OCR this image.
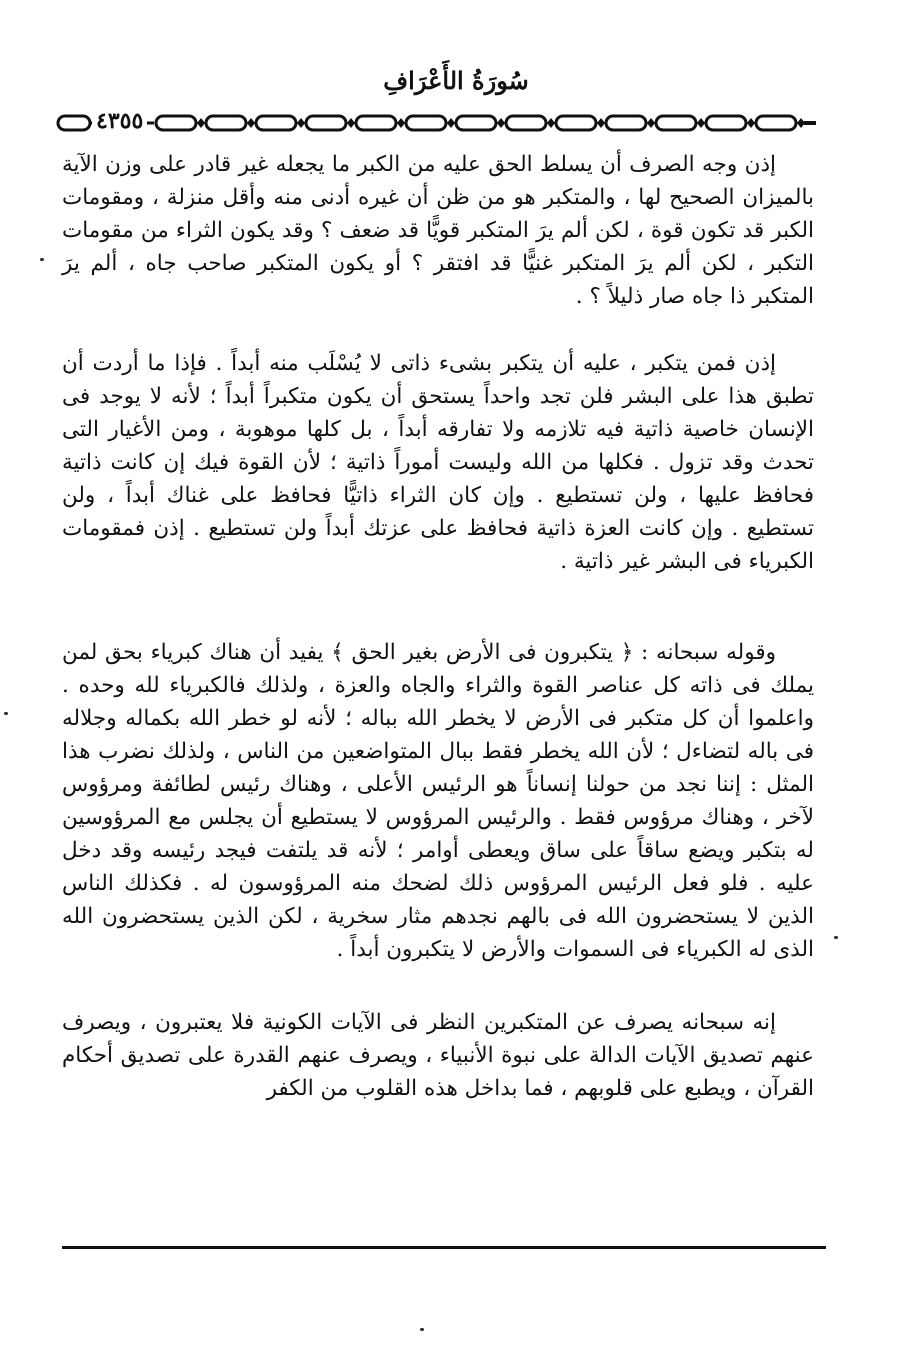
سُورَةُ الأَعْرَافِ
٤٣٥٥

إذن وجه الصرف أن يسلط الحق عليه من الكبر ما يجعله غير قادر على وزن الآية بالميزان الصحيح لها ، والمتكبر هو من ظن أن غيره أدنى منه وأقل منزلة ، ومقومات الكبر قد تكون قوة ، لكن ألم يرَ المتكبر قويًّا قد ضعف ؟ وقد يكون الثراء من مقومات التكبر ، لكن ألم يرَ المتكبر غنيًّا قد افتقر ؟ أو يكون المتكبر صاحب جاه ، ألم يرَ المتكبر ذا جاه صار ذليلاً ؟ .

إذن فمن يتكبر ، عليه أن يتكبر بشىء ذاتى لا يُسْلَب منه أبداً . فإذا ما أردت أن تطبق هذا على البشر فلن تجد واحداً يستحق أن يكون متكبراً أبداً ؛ لأنه لا يوجد فى الإنسان خاصية ذاتية فيه تلازمه ولا تفارقه أبداً ، بل كلها موهوبة ، ومن الأغيار التى تحدث وقد تزول . فكلها من الله وليست أموراً ذاتية ؛ لأن القوة فيك إن كانت ذاتية فحافظ عليها ، ولن تستطيع . وإن كان الثراء ذاتيًّا فحافظ على غناك أبداً ، ولن تستطيع . وإن كانت العزة ذاتية فحافظ على عزتك أبداً ولن تستطيع . إذن فمقومات الكبرياء فى البشر غير ذاتية .

وقوله سبحانه : ﴿ يتكبرون فى الأرض بغير الحق ﴾ يفيد أن هناك كبرياء بحق لمن يملك فى ذاته كل عناصر القوة والثراء والجاه والعزة ، ولذلك فالكبرياء لله وحده . واعلموا أن كل متكبر فى الأرض لا يخطر الله بباله ؛ لأنه لو خطر الله بكماله وجلاله فى باله لتضاءل ؛ لأن الله يخطر فقط ببال المتواضعين من الناس ، ولذلك نضرب هذا المثل : إننا نجد من حولنا إنساناً هو الرئيس الأعلى ، وهناك رئيس لطائفة ومرؤوس لآخر ، وهناك مرؤوس فقط . والرئيس المرؤوس لا يستطيع أن يجلس مع المرؤوسين له بتكبر ويضع ساقاً على ساق ويعطى أوامر ؛ لأنه قد يلتفت فيجد رئيسه وقد دخل عليه . فلو فعل الرئيس المرؤوس ذلك لضحك منه المرؤوسون له . فكذلك الناس الذين لا يستحضرون الله فى بالهم نجدهم مثار سخرية ، لكن الذين يستحضرون الله الذى له الكبرياء فى السموات والأرض لا يتكبرون أبداً .

إنه سبحانه يصرف عن المتكبرين النظر فى الآيات الكونية فلا يعتبرون ، ويصرف عنهم تصديق الآيات الدالة على نبوة الأنبياء ، ويصرف عنهم القدرة على تصديق أحكام القرآن ، ويطبع على قلوبهم ، فما بداخل هذه القلوب من الكفر
